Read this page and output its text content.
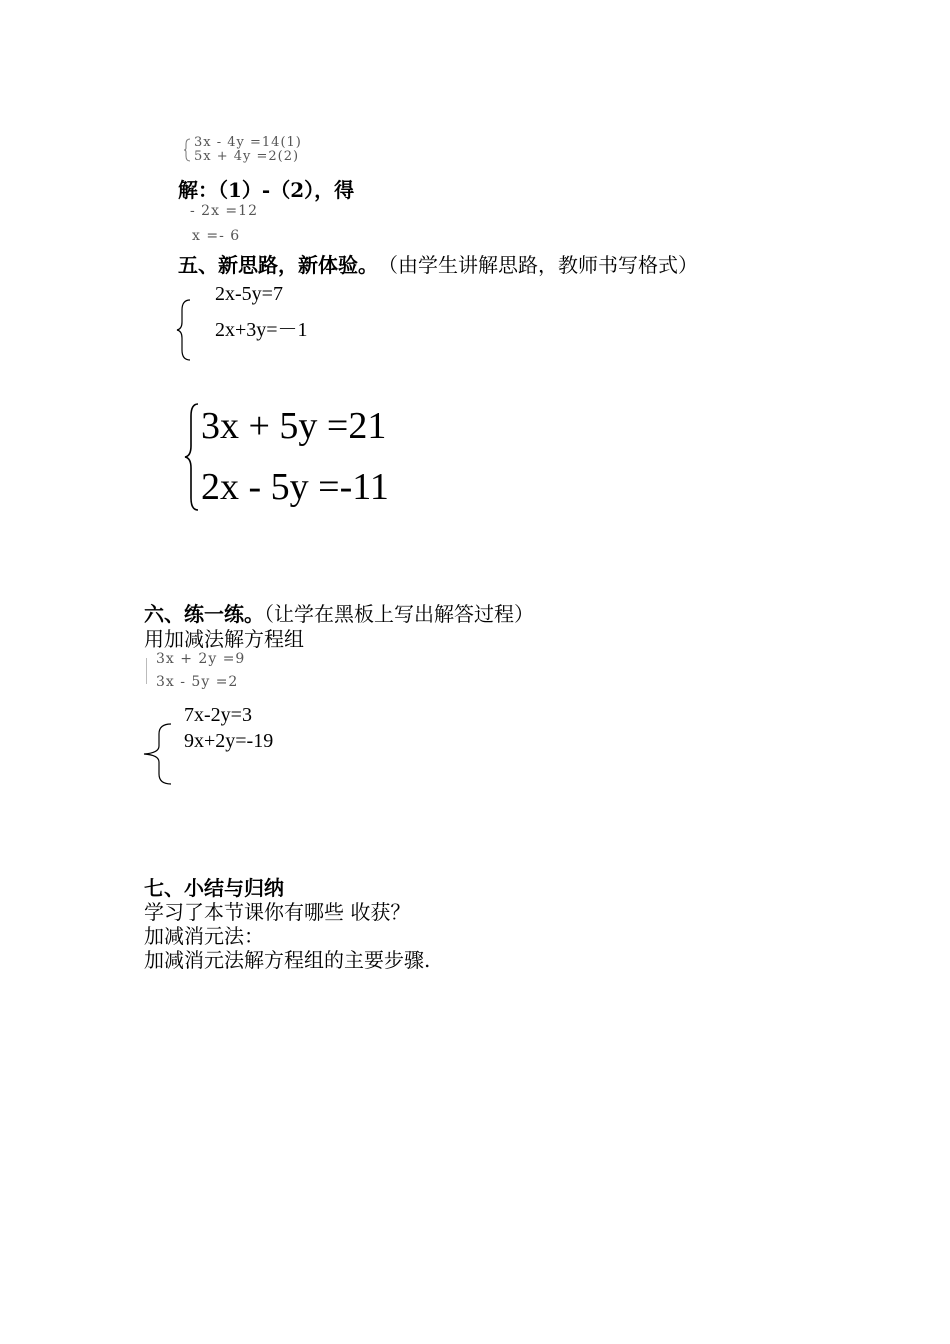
3x - 4y =14(1)
5x + 4y =2(2)
解：（1）-（2），得
- 2x =12
x =- 6
五、新思路，新体验。 （由学生讲解思路，教师书写格式）
2x-5y=7
2x+3y=－1
3x + 5y =21
2x - 5y =-11
六、练一练。（让学在黑板上写出解答过程）
用加减法解方程组
3x + 2y =9
3x - 5y =2
7x-2y=3
9x+2y=-19
七、小结与归纳
学习了本节课你有哪些 收获？
加减消元法：
加减消元法解方程组的主要步骤.
